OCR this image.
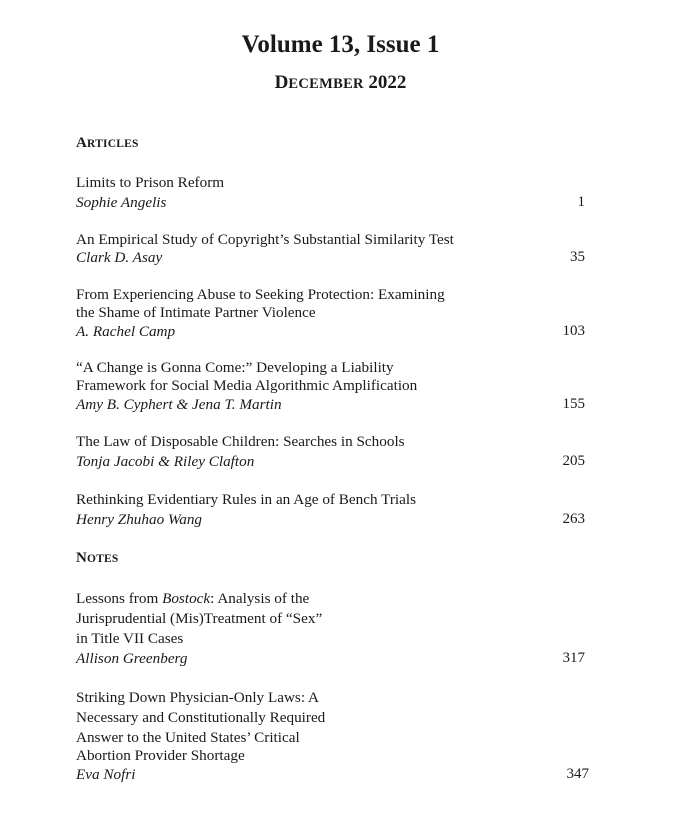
Volume 13, Issue 1
DECEMBER 2022
ARTICLES
Limits to Prison Reform
Sophie Angelis	1
An Empirical Study of Copyright’s Substantial Similarity Test
Clark D. Asay	35
From Experiencing Abuse to Seeking Protection: Examining
the Shame of Intimate Partner Violence
A. Rachel Camp	103
“A Change is Gonna Come:” Developing a Liability
Framework for Social Media Algorithmic Amplification
Amy B. Cyphert & Jena T. Martin	155
The Law of Disposable Children: Searches in Schools
Tonja Jacobi & Riley Clafton	205
Rethinking Evidentiary Rules in an Age of Bench Trials
Henry Zhuhao Wang	263
NOTES
Lessons from Bostock: Analysis of the
Jurisprudential (Mis)Treatment of “Sex”
in Title VII Cases
Allison Greenberg	317
Striking Down Physician-Only Laws: A
Necessary and Constitutionally Required
Answer to the United States’ Critical
Abortion Provider Shortage
Eva Nofri	347
